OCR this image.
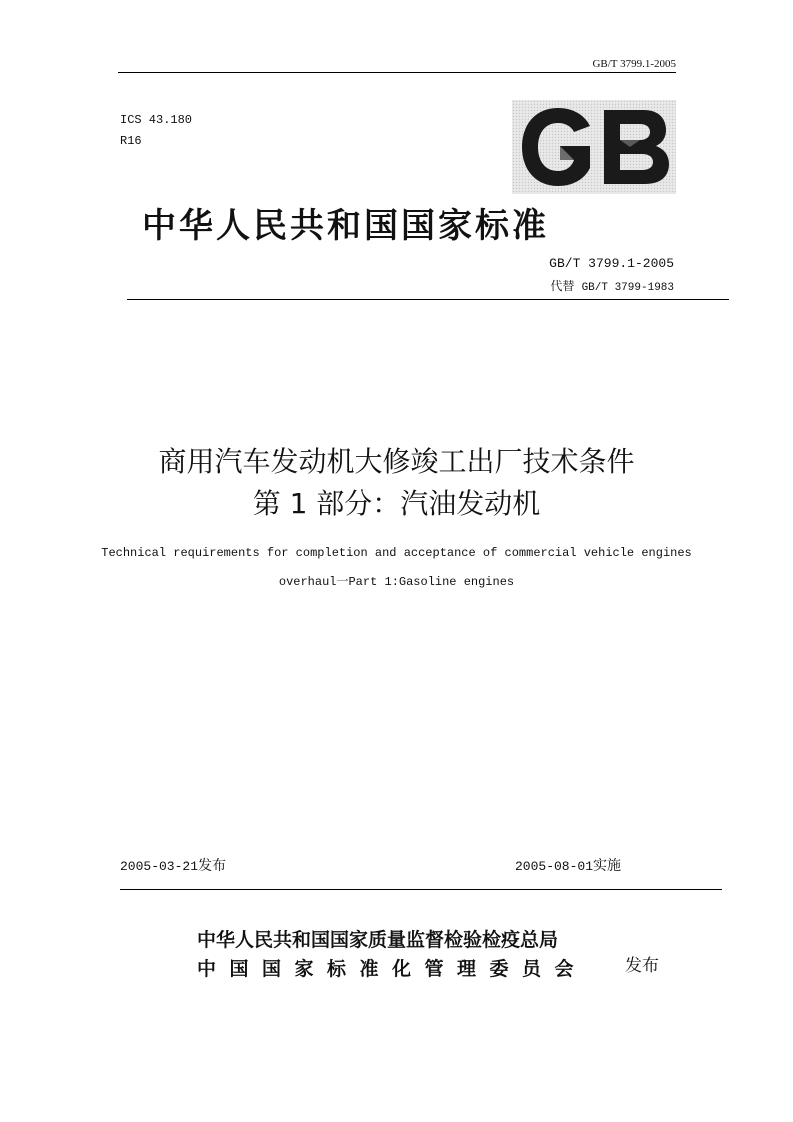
GB/T 3799.1-2005
ICS 43.180
R16
中华人民共和国国家标准
GB/T 3799.1-2005
代替 GB/T 3799-1983
商用汽车发动机大修竣工出厂技术条件
第 1 部分：汽油发动机
Technical requirements for completion and acceptance of commercial vehicle engines
overhaul一Part 1:Gasoline engines
2005-03-21发布	2005-08-01实施
中华人民共和国国家质量监督检验检疫总局
中国国家标准化管理委员会 发布
